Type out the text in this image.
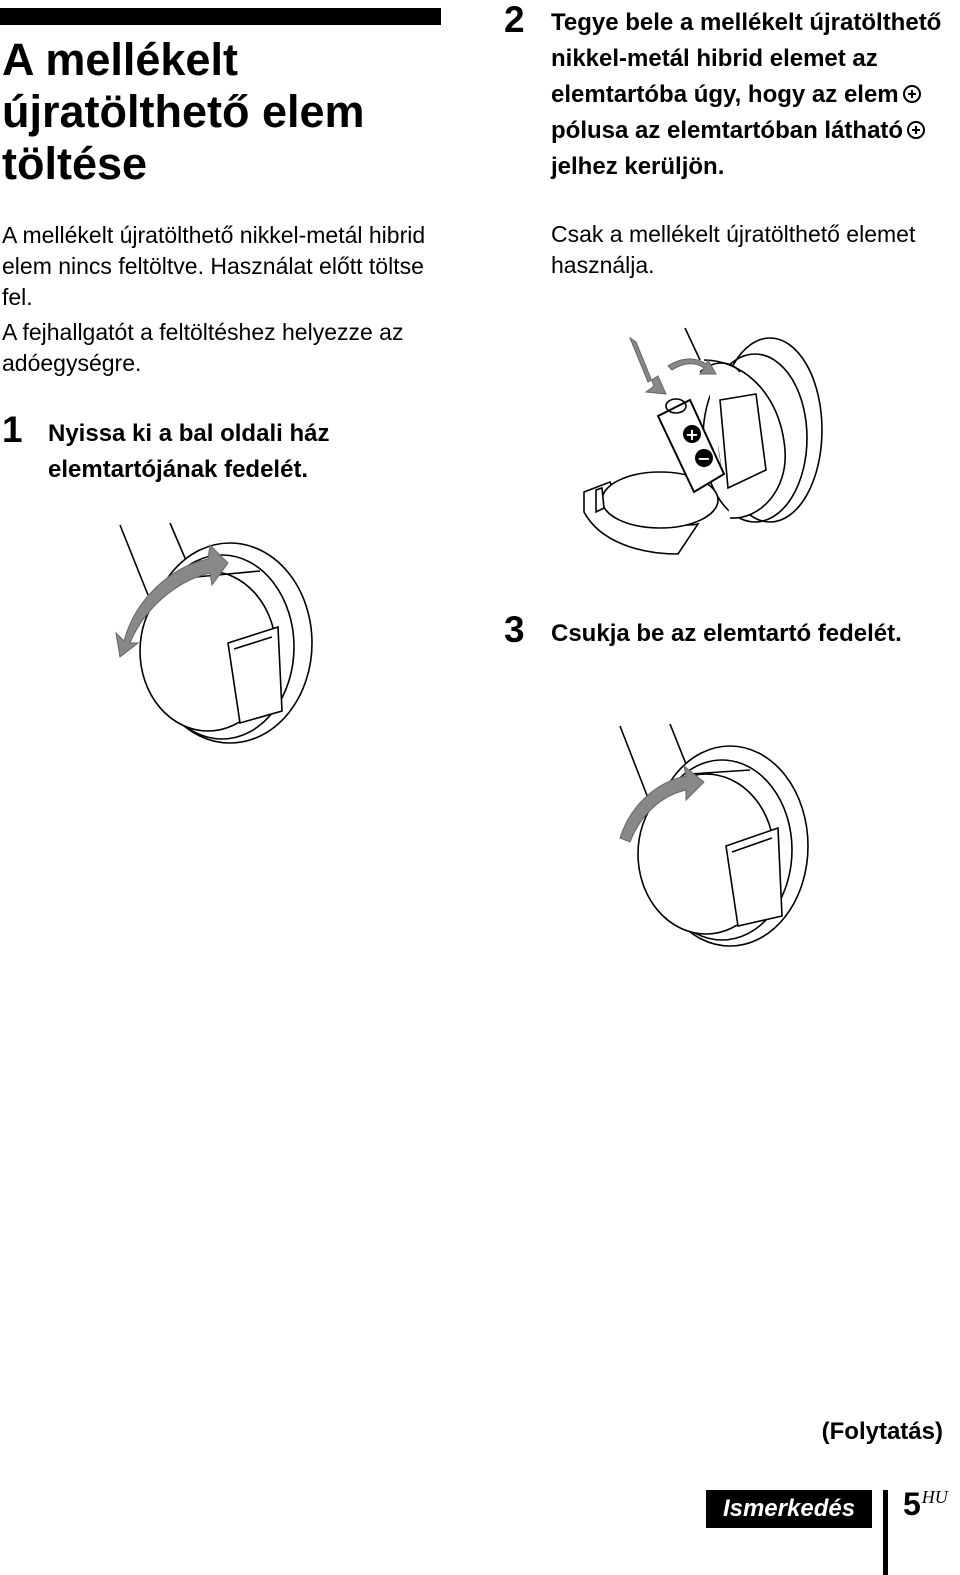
A mellékelt újratölthető elem töltése

A mellékelt újratölthető nikkel-metál hibrid elem nincs feltöltve. Használat előtt töltse fel.

A fejhallgatót a feltöltéshez helyezze az adóegységre.

1 Nyissa ki a bal oldali ház elemtartójának fedelét.

2 Tegye bele a mellékelt újratölthető nikkel-metál hibrid elemet az elemtartóba úgy, hogy az elempólusa az elemtartóban láthatójelhez kerüljön.

Csak a mellékelt újratölthető elemet használja.

+
−
3 Csukja be az elemtartó fedelét.

(Folytatás)
Ismerkedés	$5^{HU}$
